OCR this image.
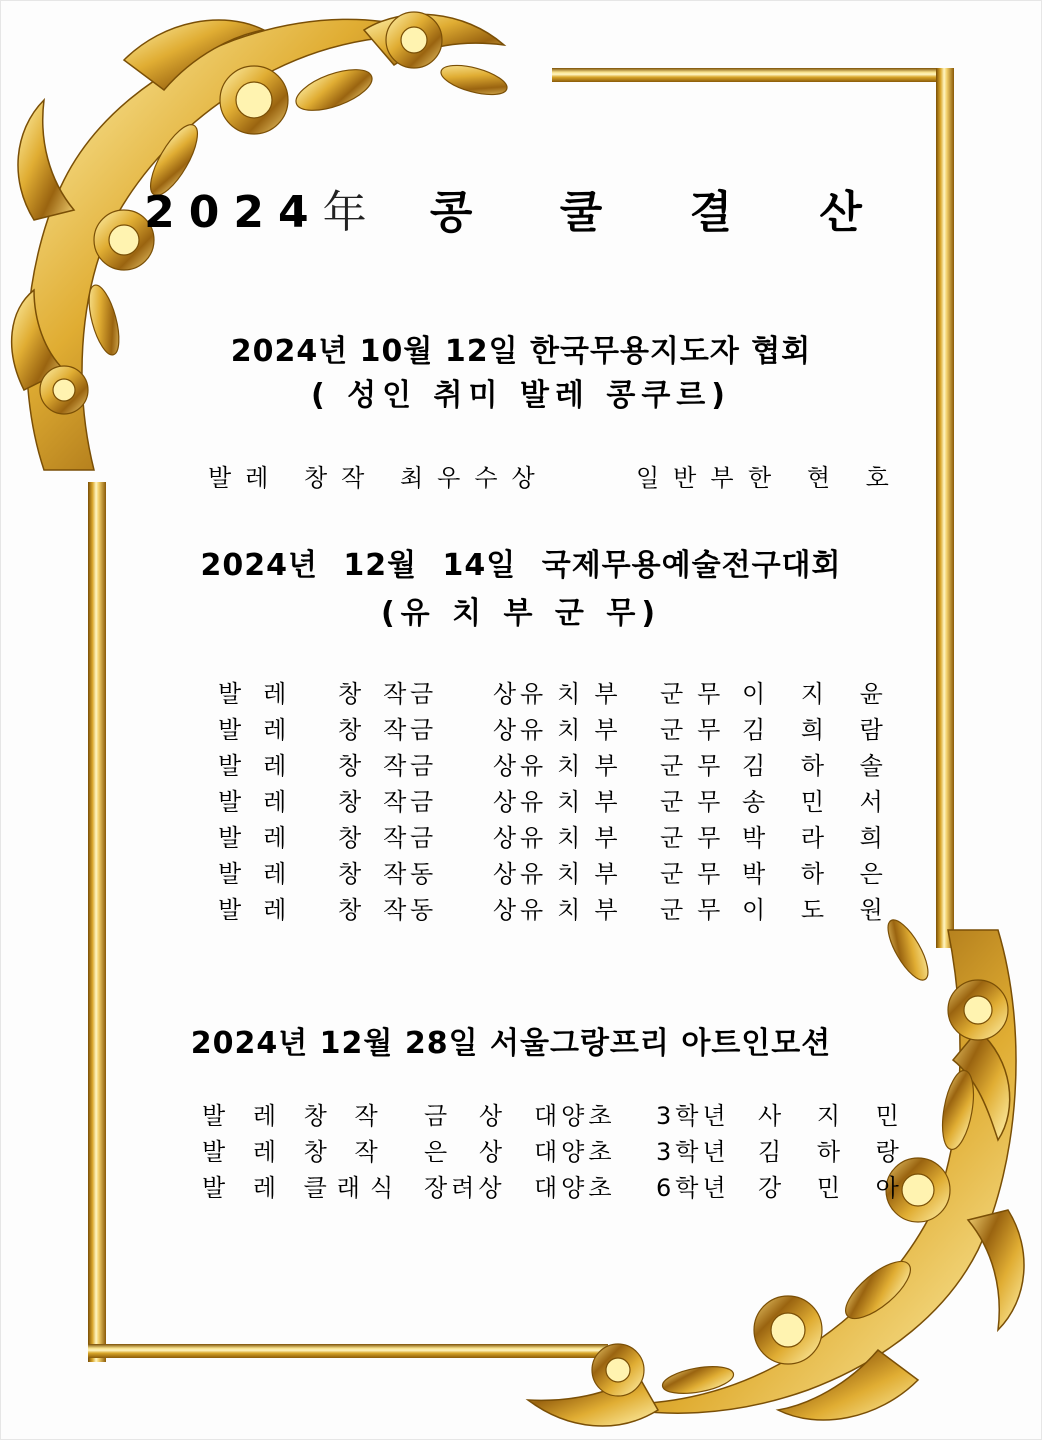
2024年 콩 쿨 결 산
2024년 10월 12일 한국무용지도자 협회
( 성인 취미 발레 콩쿠르)
발레 창작 최우수상	일반부 한 현 호
2024년 12월 14일 국제무용예술전구대회
(유 치 부 군 무)
발레 창작
금 상
유치부 군무 이 지 윤
발레 창작
금 상
유치부 군무 김 희 람
발레 창작
금 상
유치부 군무 김 하 솔
발레 창작
금 상
유치부 군무 송 민 서
발레 창작
금 상
유치부 군무 박 라 희
발레 창작
동 상
유치부 군무 박 하 은
발레 창작
동 상
유치부 군무 이 도 원
2024년 12월 28일 서울그랑프리 아트인모션
발 레 창 작 금 상 대양초 3학년 사 지 민
발 레 창 작 은 상 대양초 3학년 김 하 랑
발 레 클래식 장려상 대양초 6학년 강 민 아
